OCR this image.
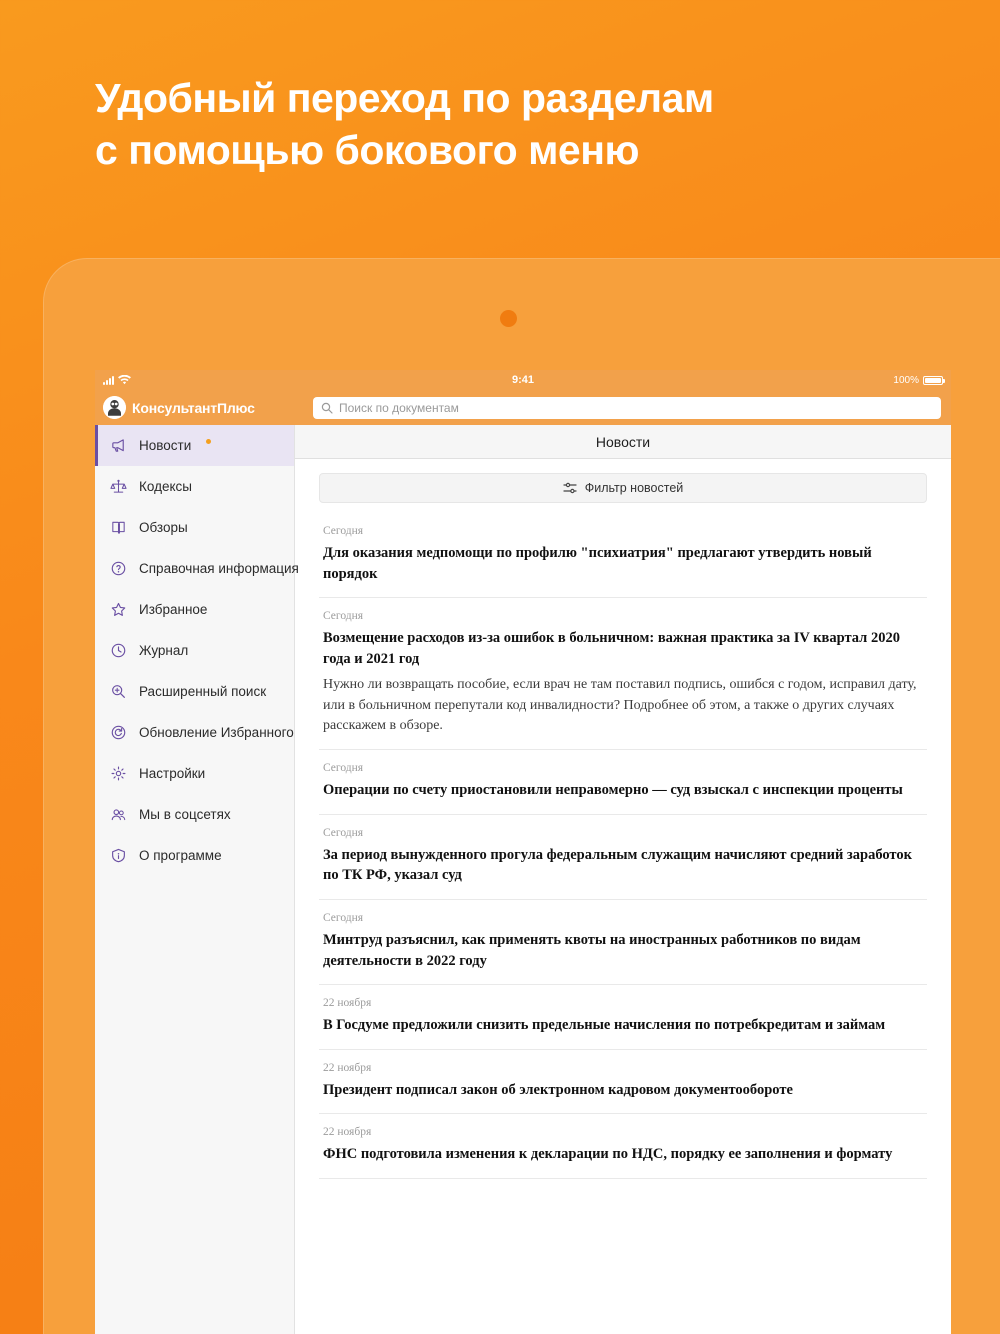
Удобный переход по разделам
с помощью бокового меню
9:41	100%
КонсультантПлюс	Поиск по документам
Новости
Кодексы
Обзоры
Справочная информация
Избранное
Журнал
Расширенный поиск
Обновление Избранного
Настройки
Мы в соцсетях
О программе
Новости
Фильтр новостей
Сегодня
Для оказания медпомощи по профилю "психиатрия" предлагают утвердить новый порядок
Сегодня
Возмещение расходов из-за ошибок в больничном: важная практика за IV квартал 2020 года и 2021 год
Нужно ли возвращать пособие, если врач не там поставил подпись, ошибся с годом, исправил дату, или в больничном перепутали код инвалидности? Подробнее об этом, а также о других случаях расскажем в обзоре.
Сегодня
Операции по счету приостановили неправомерно — суд взыскал с инспекции проценты
Сегодня
За период вынужденного прогула федеральным служащим начисляют средний заработок по ТК РФ, указал суд
Сегодня
Минтруд разъяснил, как применять квоты на иностранных работников по видам деятельности в 2022 году
22 ноября
В Госдуме предложили снизить предельные начисления по потребкредитам и займам
22 ноября
Президент подписал закон об электронном кадровом документообороте
22 ноября
ФНС подготовила изменения к декларации по НДС, порядку ее заполнения и формату
